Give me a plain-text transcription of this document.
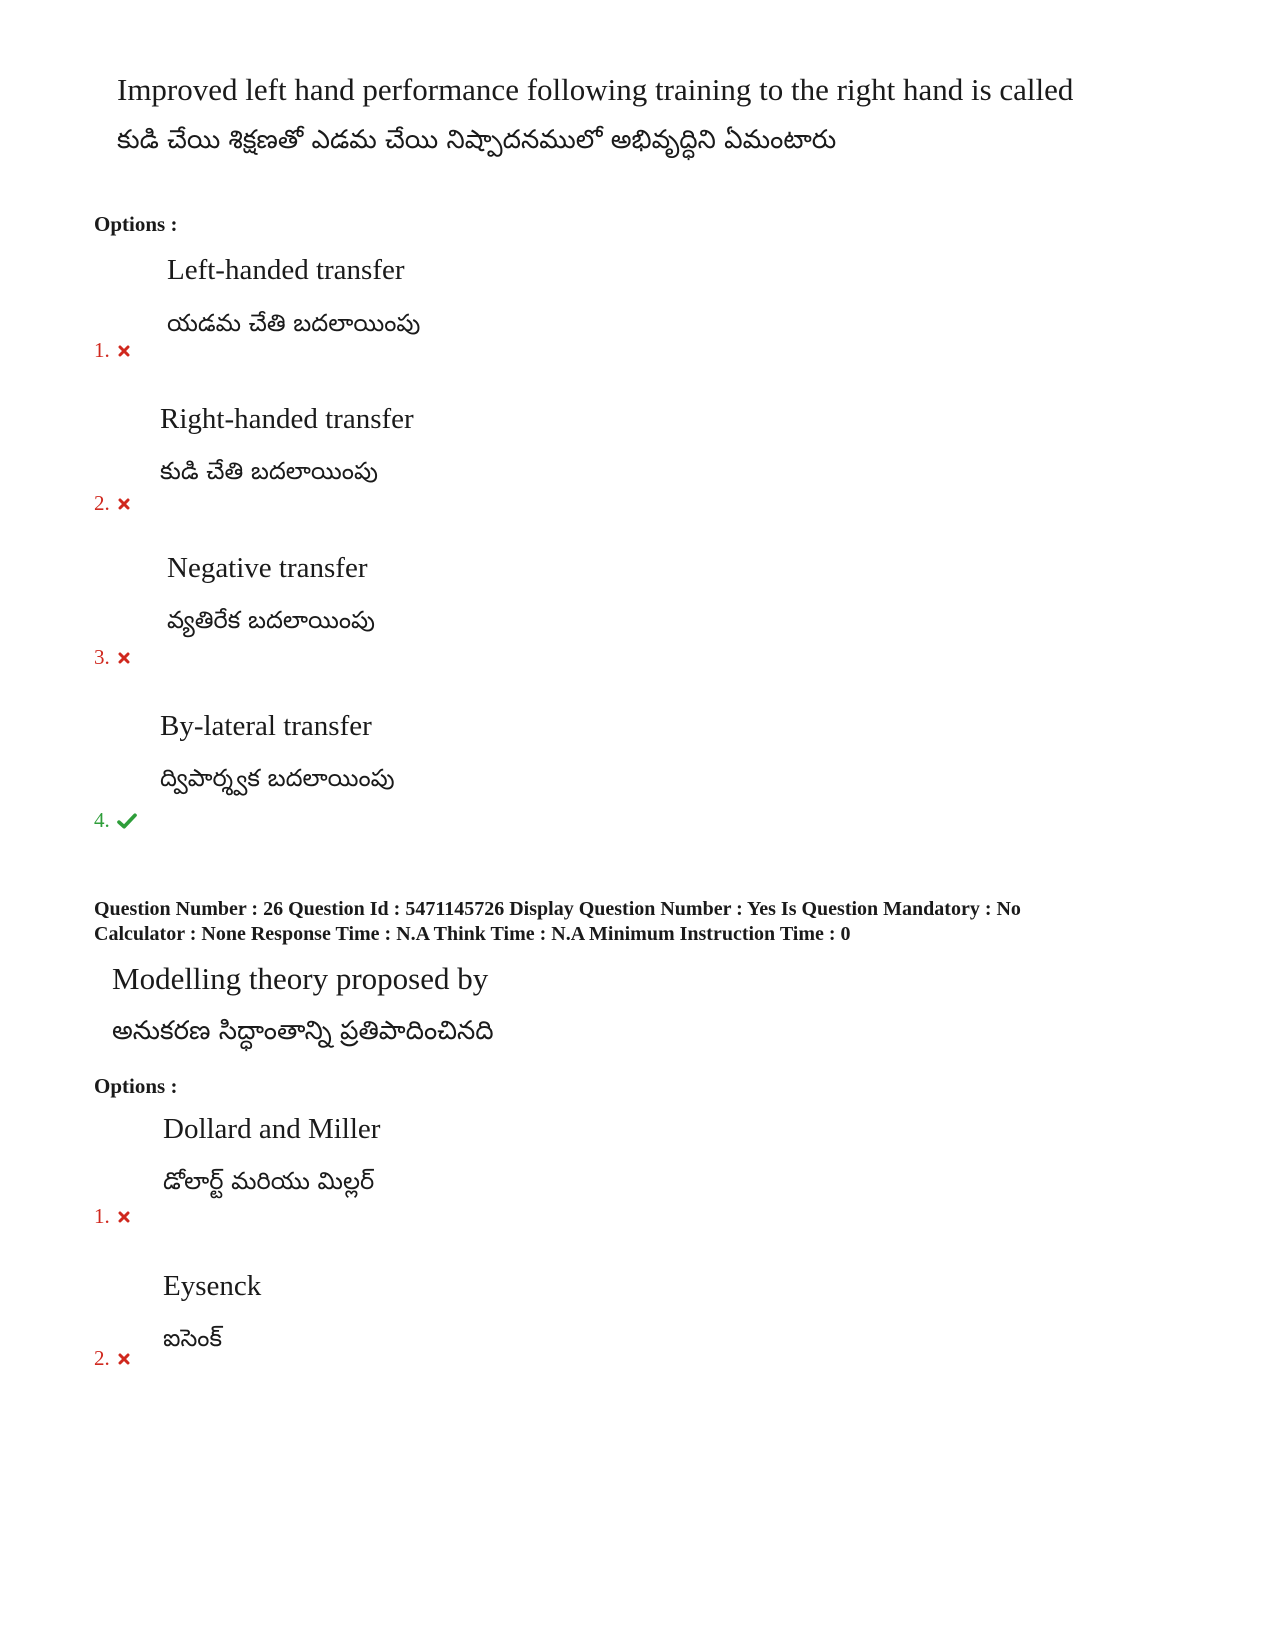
Improved left hand performance following training to the right hand is called
కుడి చేయి శిక్షణతో ఎడమ చేయి నిష్పాదనములో అభివృద్ధిని ఏమంటారు
Options :
Left-handed transfer
యడమ చేతి బదలాయింపు
1.
Right-handed transfer
కుడి చేతి బదలాయింపు
2.
Negative transfer
వ్యతిరేక బదలాయింపు
3.
By-lateral transfer
ద్విపార్శ్వక బదలాయింపు
4.
Question Number : 26 Question Id : 5471145726 Display Question Number : Yes Is Question Mandatory : No
Calculator : None Response Time : N.A Think Time : N.A Minimum Instruction Time : 0
Modelling theory proposed by
అనుకరణ సిద్ధాంతాన్ని ప్రతిపాదించినది
Options :
Dollard and Miller
డోలార్ట్ మరియు మిల్లర్
1.
Eysenck
ఐసెంక్
2.
